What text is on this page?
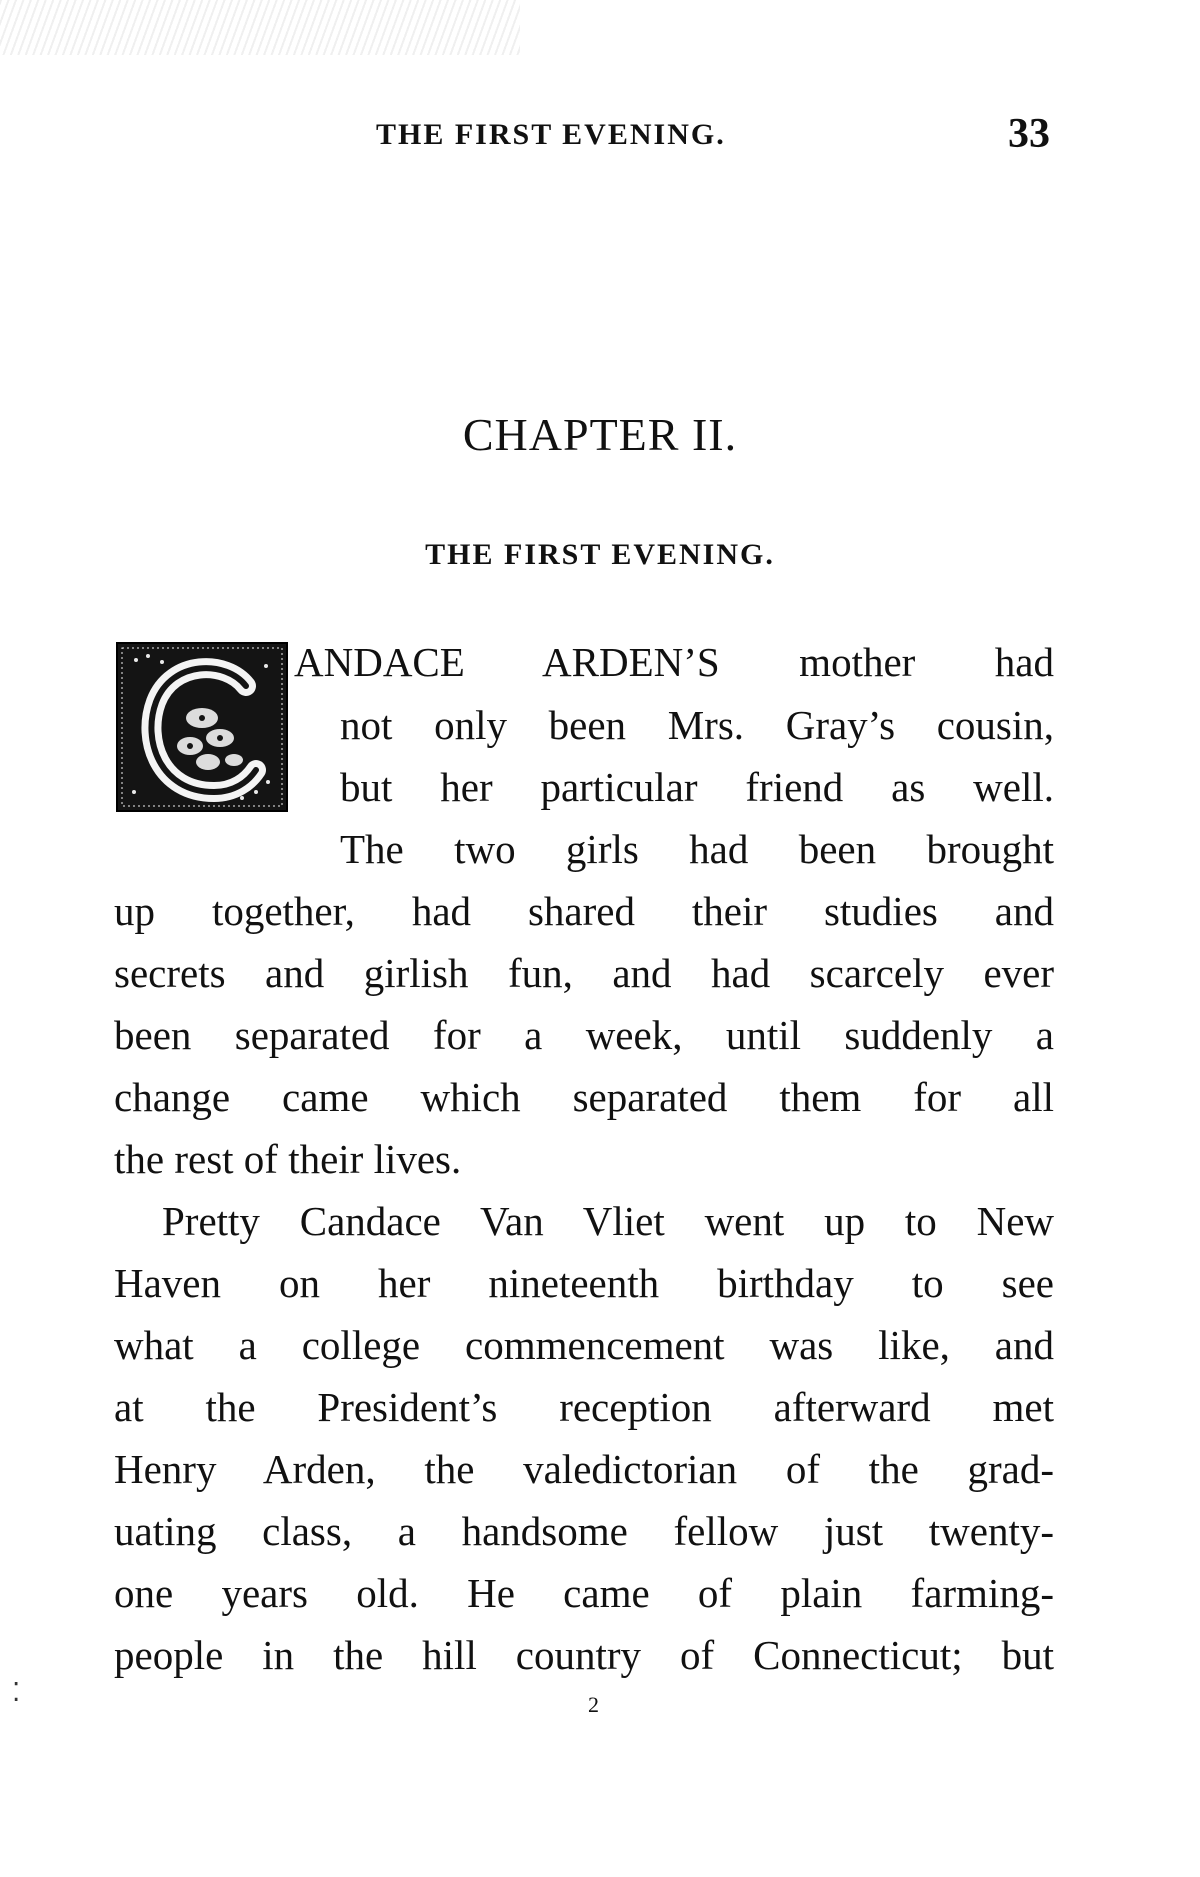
THE FIRST EVENING.	33
CHAPTER II.
THE FIRST EVENING.
ANDACE ARDEN’S mother had
not only been Mrs. Gray’s cousin,
but her particular friend as well.
The two girls had been brought
up together, had shared their studies and
secrets and girlish fun, and had scarcely ever
been separated for a week, until suddenly a
change came which separated them for all
the rest of their lives.
Pretty Candace Van Vliet went up to New
Haven on her nineteenth birthday to see
what a college commencement was like, and
at the President’s reception afterward met
Henry Arden, the valedictorian of the grad-
uating class, a handsome fellow just twenty-
one years old. He came of plain farming-
people in the hill country of Connecticut; but
⁚	2
